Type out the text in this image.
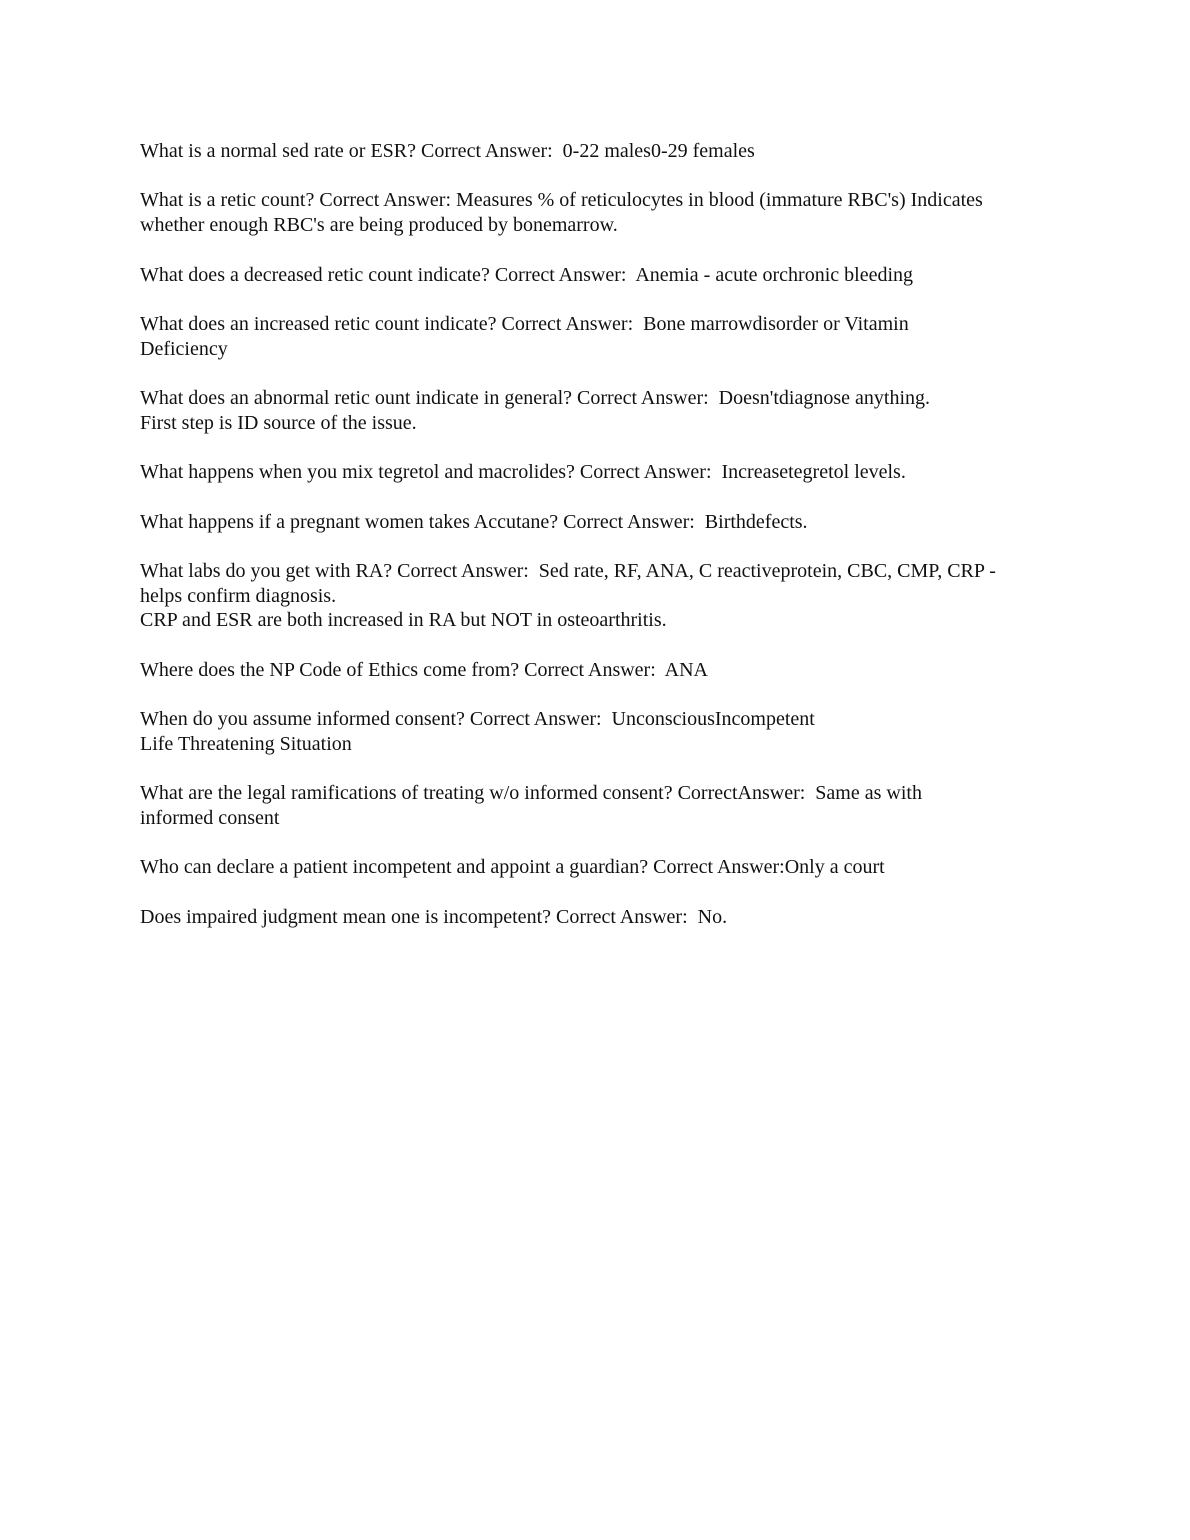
What is a normal sed rate or ESR? Correct Answer:  0-22 males0-29 females

What is a retic count? Correct Answer: Measures % of reticulocytes in blood (immature RBC's) Indicates
whether enough RBC's are being produced by bonemarrow.

What does a decreased retic count indicate? Correct Answer:  Anemia - acute orchronic bleeding

What does an increased retic count indicate? Correct Answer:  Bone marrowdisorder or Vitamin
Deficiency

What does an abnormal retic ount indicate in general? Correct Answer:  Doesn'tdiagnose anything.
First step is ID source of the issue.

What happens when you mix tegretol and macrolides? Correct Answer:  Increasetegretol levels.

What happens if a pregnant women takes Accutane? Correct Answer:  Birthdefects.

What labs do you get with RA? Correct Answer:  Sed rate, RF, ANA, C reactiveprotein, CBC, CMP, CRP -
helps confirm diagnosis.
CRP and ESR are both increased in RA but NOT in osteoarthritis.

Where does the NP Code of Ethics come from? Correct Answer:  ANA

When do you assume informed consent? Correct Answer:  UnconsciousIncompetent
Life Threatening Situation

What are the legal ramifications of treating w/o informed consent? CorrectAnswer:  Same as with
informed consent

Who can declare a patient incompetent and appoint a guardian? Correct Answer:Only a court

Does impaired judgment mean one is incompetent? Correct Answer:  No.
